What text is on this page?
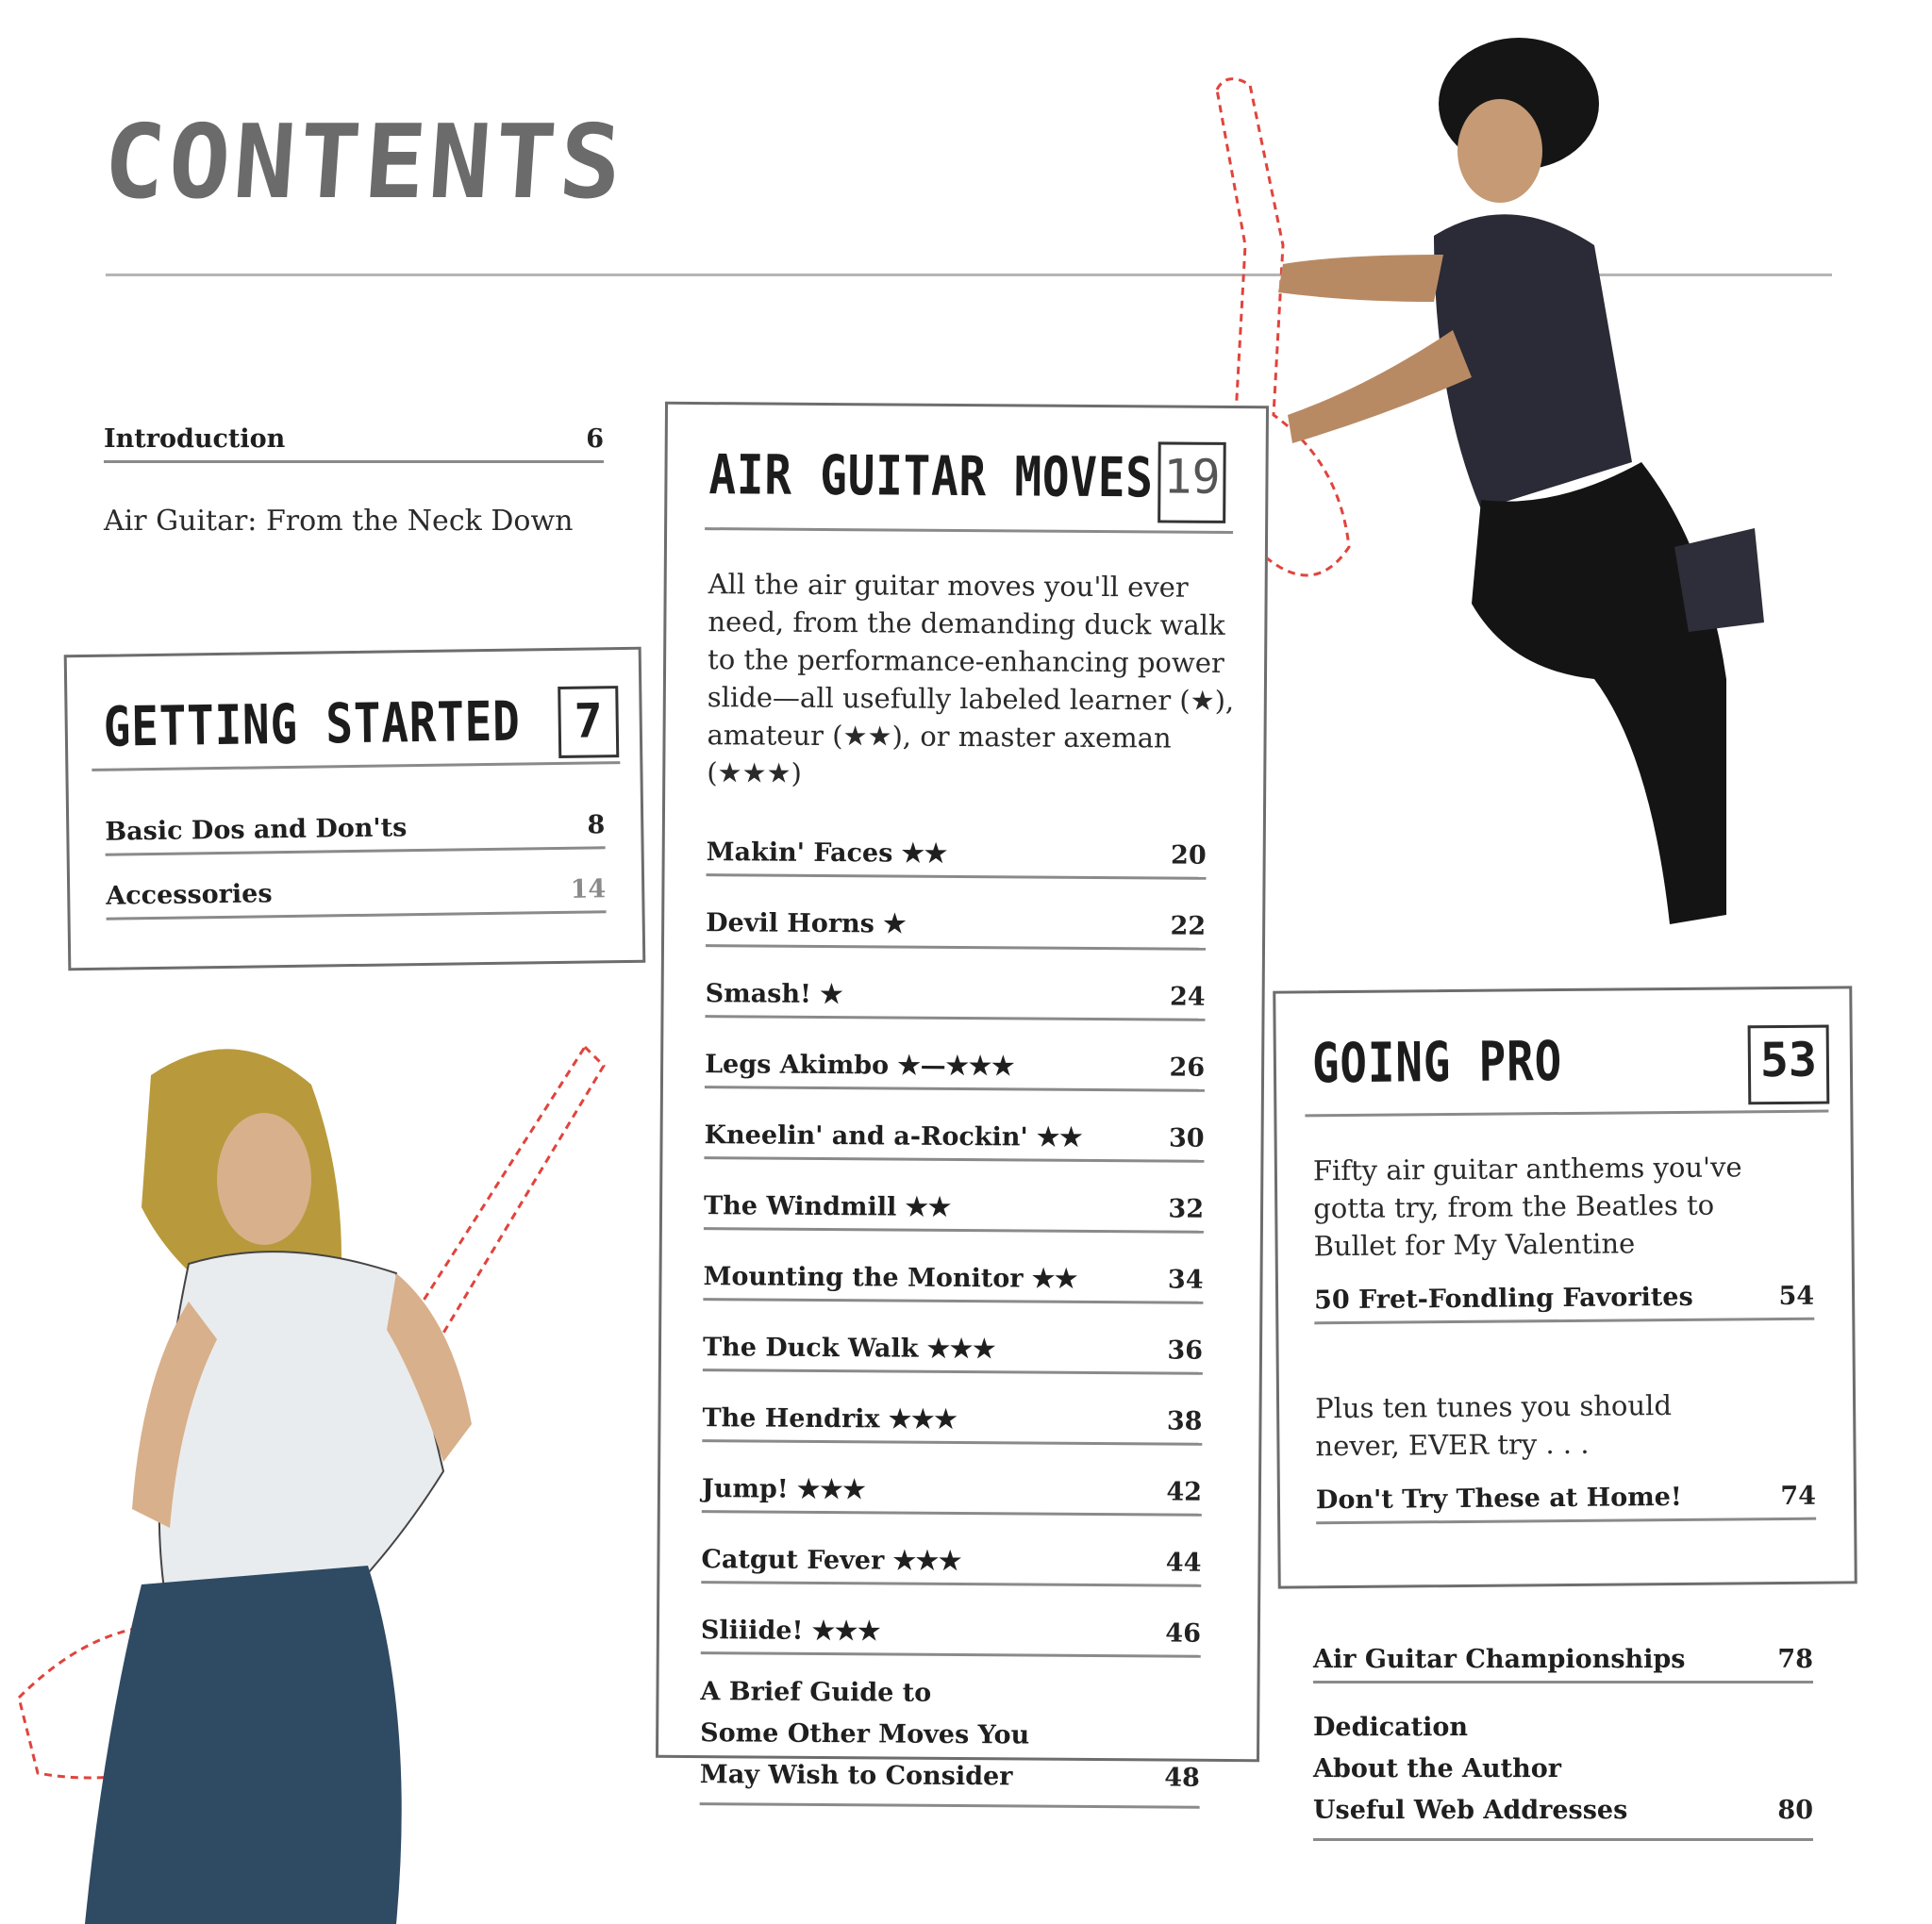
CONTENTS
Introduction	6
Air Guitar: From the Neck Down
GETTING STARTED	7
Basic Dos and Don'ts	8
Accessories	14
AIR GUITAR MOVES 19
All the air guitar moves you'll ever need, from the demanding duck walk to the performance-enhancing power slide—all usefully labeled learner (★), amateur (★★), or master axeman (★★★)
Makin' Faces ★★	20
Devil Horns ★	22
Smash! ★	24
Legs Akimbo ★—★★★	26
Kneelin' and a-Rockin' ★★	30
The Windmill ★★	32
Mounting the Monitor ★★	34
The Duck Walk ★★★	36
The Hendrix ★★★	38
Jump! ★★★	42
Catgut Fever ★★★	44
Sliiide! ★★★	46
A Brief Guide to
Some Other Moves You
May Wish to Consider	48
GOING PRO	53
Fifty air guitar anthems you've gotta try, from the Beatles to Bullet for My Valentine
50 Fret-Fondling Favorites	54
Plus ten tunes you should never, EVER try . . .
Don't Try These at Home!	74
Air Guitar Championships	78
Dedication
About the Author
Useful Web Addresses	80
